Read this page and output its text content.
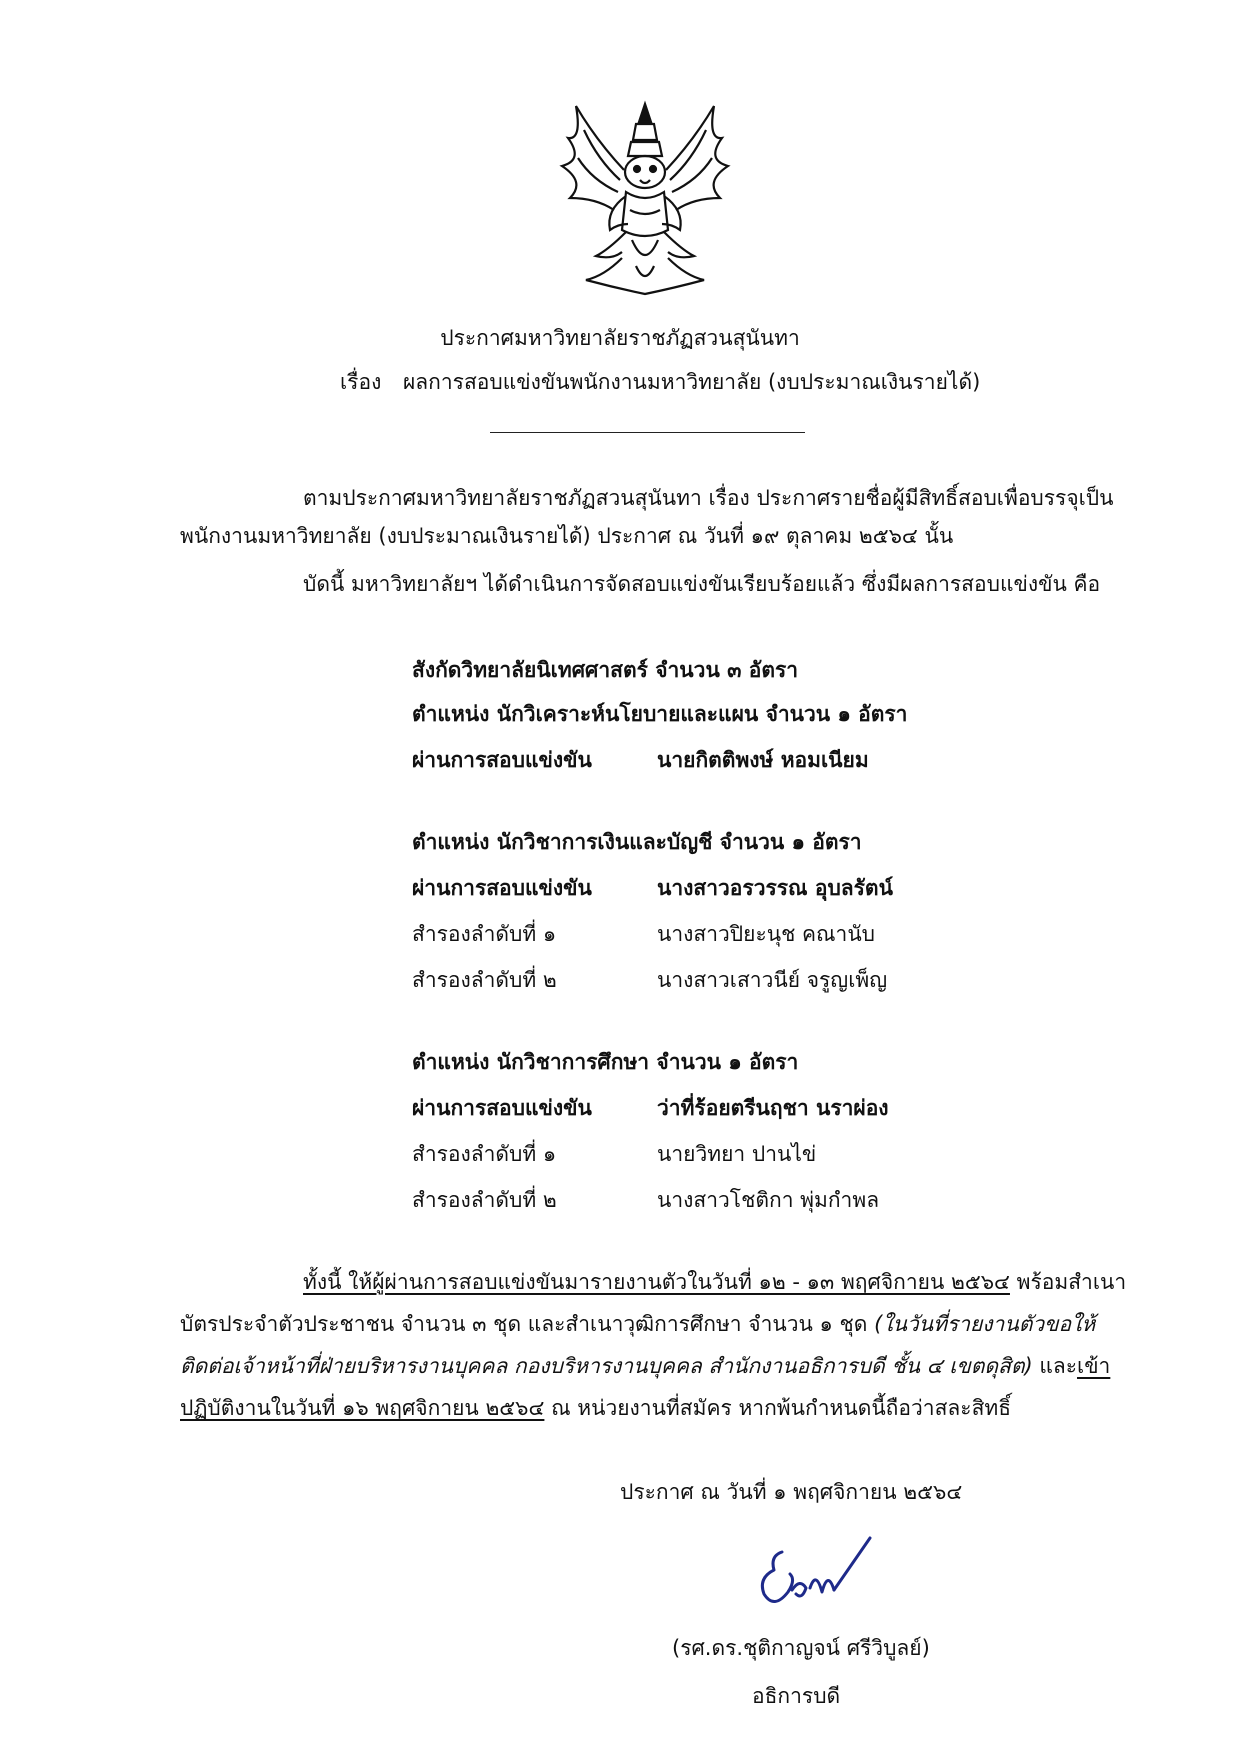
ประกาศมหาวิทยาลัยราชภัฏสวนสุนันทา
เรื่อง ผลการสอบแข่งขันพนักงานมหาวิทยาลัย (งบประมาณเงินรายได้)
ตามประกาศมหาวิทยาลัยราชภัฏสวนสุนันทา เรื่อง ประกาศรายชื่อผู้มีสิทธิ์สอบเพื่อบรรจุเป็น
พนักงานมหาวิทยาลัย (งบประมาณเงินรายได้) ประกาศ ณ วันที่ ๑๙ ตุลาคม ๒๕๖๔ นั้น
บัดนี้ มหาวิทยาลัยฯ ได้ดำเนินการจัดสอบแข่งขันเรียบร้อยแล้ว ซึ่งมีผลการสอบแข่งขัน คือ
สังกัดวิทยาลัยนิเทศศาสตร์ จำนวน ๓ อัตรา
ตำแหน่ง นักวิเคราะห์นโยบายและแผน จำนวน ๑ อัตรา
ผ่านการสอบแข่งขัน	นายกิตติพงษ์ หอมเนียม
ตำแหน่ง นักวิชาการเงินและบัญชี จำนวน ๑ อัตรา
ผ่านการสอบแข่งขัน	นางสาวอรวรรณ อุบลรัตน์
สำรองลำดับที่ ๑	นางสาวปิยะนุช คณานับ
สำรองลำดับที่ ๒	นางสาวเสาวนีย์ จรูญเพ็ญ
ตำแหน่ง นักวิชาการศึกษา จำนวน ๑ อัตรา
ผ่านการสอบแข่งขัน	ว่าที่ร้อยตรีนฤชา นราผ่อง
สำรองลำดับที่ ๑	นายวิทยา ปานไข่
สำรองลำดับที่ ๒	นางสาวโชติกา พุ่มกำพล
ทั้งนี้ ให้ผู้ผ่านการสอบแข่งขันมารายงานตัวในวันที่ ๑๒ - ๑๓ พฤศจิกายน ๒๕๖๔ พร้อมสำเนา
บัตรประจำตัวประชาชน จำนวน ๓ ชุด และสำเนาวุฒิการศึกษา จำนวน ๑ ชุด (ในวันที่รายงานตัวขอให้
ติดต่อเจ้าหน้าที่ฝ่ายบริหารงานบุคคล กองบริหารงานบุคคล สำนักงานอธิการบดี ชั้น ๔ เขตดุสิต) และเข้า
ปฏิบัติงานในวันที่ ๑๖ พฤศจิกายน ๒๕๖๔ ณ หน่วยงานที่สมัคร หากพ้นกำหนดนี้ถือว่าสละสิทธิ์
ประกาศ ณ วันที่ ๑ พฤศจิกายน ๒๕๖๔
(รศ.ดร.ชุติกาญจน์ ศรีวิบูลย์)
อธิการบดี
